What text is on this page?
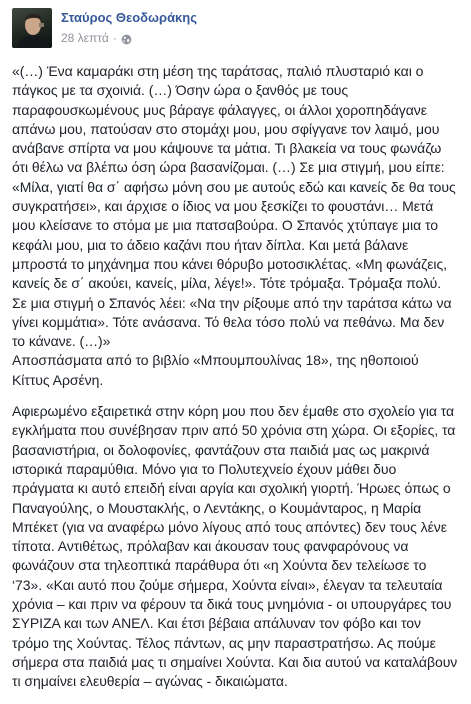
Σταύρος Θεοδωράκης
28 λεπτά ·

«(…) Ένα καμαράκι στη μέση της ταράτσας, παλιό πλυσταριό και ο
πάγκος με τα σχοινιά. (…) Όσην ώρα ο ξανθός με τους
παραφουσκωμένους μυς βάραγε φάλαγγες, οι άλλοι χοροπηδάγανε
απάνω μου, πατούσαν στο στομάχι μου, μου σφίγγανε τον λαιμό, μου
ανάβανε σπίρτα να μου κάψουνε τα μάτια. Τι βλακεία να τους φωνάζω
ότι θέλω να βλέπω όση ώρα βασανίζομαι. (…) Σε μια στιγμή, μου είπε:
«Μίλα, γιατί θα σ΄ αφήσω μόνη σου με αυτούς εδώ και κανείς δε θα τους
συγκρατήσει», και άρχισε ο ίδιος να μου ξεσκίζει το φουστάνι… Μετά
μου κλείσανε το στόμα με μια πατσαβούρα. Ο Σπανός χτύπαγε μια το
κεφάλι μου, μια το άδειο καζάνι που ήταν δίπλα. Και μετά βάλανε
μπροστά το μηχάνημα που κάνει θόρυβο μοτοσικλέτας. «Μη φωνάζεις,
κανείς δε σ΄ ακούει, κανείς, μίλα, λέγε!». Τότε τρόμαξα. Τρόμαξα πολύ.
Σε μια στιγμή ο Σπανός λέει: «Να την ρίξουμε από την ταράτσα κάτω να
γίνει κομμάτια». Τότε ανάσανα. Τό θελα τόσο πολύ να πεθάνω. Μα δεν
το κάνανε. (…)»
Αποσπάσματα από το βιβλίο «Μπουμπουλίνας 18», της ηθοποιού
Κίττυς Αρσένη.

Αφιερωμένο εξαιρετικά στην κόρη μου που δεν έμαθε στο σχολείο για τα
εγκλήματα που συνέβησαν πριν από 50 χρόνια στη χώρα. Οι εξορίες, τα
βασανιστήρια, οι δολοφονίες, φαντάζουν στα παιδιά μας ως μακρινά
ιστορικά παραμύθια. Μόνο για το Πολυτεχνείο έχουν μάθει δυο
πράγματα κι αυτό επειδή είναι αργία και σχολική γιορτή. Ήρωες όπως ο
Παναγούλης, ο Μουστακλής, ο Λεντάκης, ο Κουμάνταρος, η Μαρία
Μπέκετ (για να αναφέρω μόνο λίγους από τους απόντες) δεν τους λένε
τίποτα. Αντιθέτως, πρόλαβαν και άκουσαν τους φανφαρόνους να
φωνάζουν στα τηλεοπτικά παράθυρα ότι «η Χούντα δεν τελείωσε το
‘73». «Και αυτό που ζούμε σήμερα, Χούντα είναι», έλεγαν τα τελευταία
χρόνια – και πριν να φέρουν τα δικά τους μνημόνια - οι υπουργάρες του
ΣΥΡΙΖΑ και των ΑΝΕΛ. Και έτσι βέβαια απάλυναν τον φόβο και τον
τρόμο της Χούντας. Τέλος πάντων, ας μην παραστρατήσω. Ας πούμε
σήμερα στα παιδιά μας τι σημαίνει Χούντα. Και δια αυτού να καταλάβουν
τι σημαίνει ελευθερία – αγώνας - δικαιώματα.
